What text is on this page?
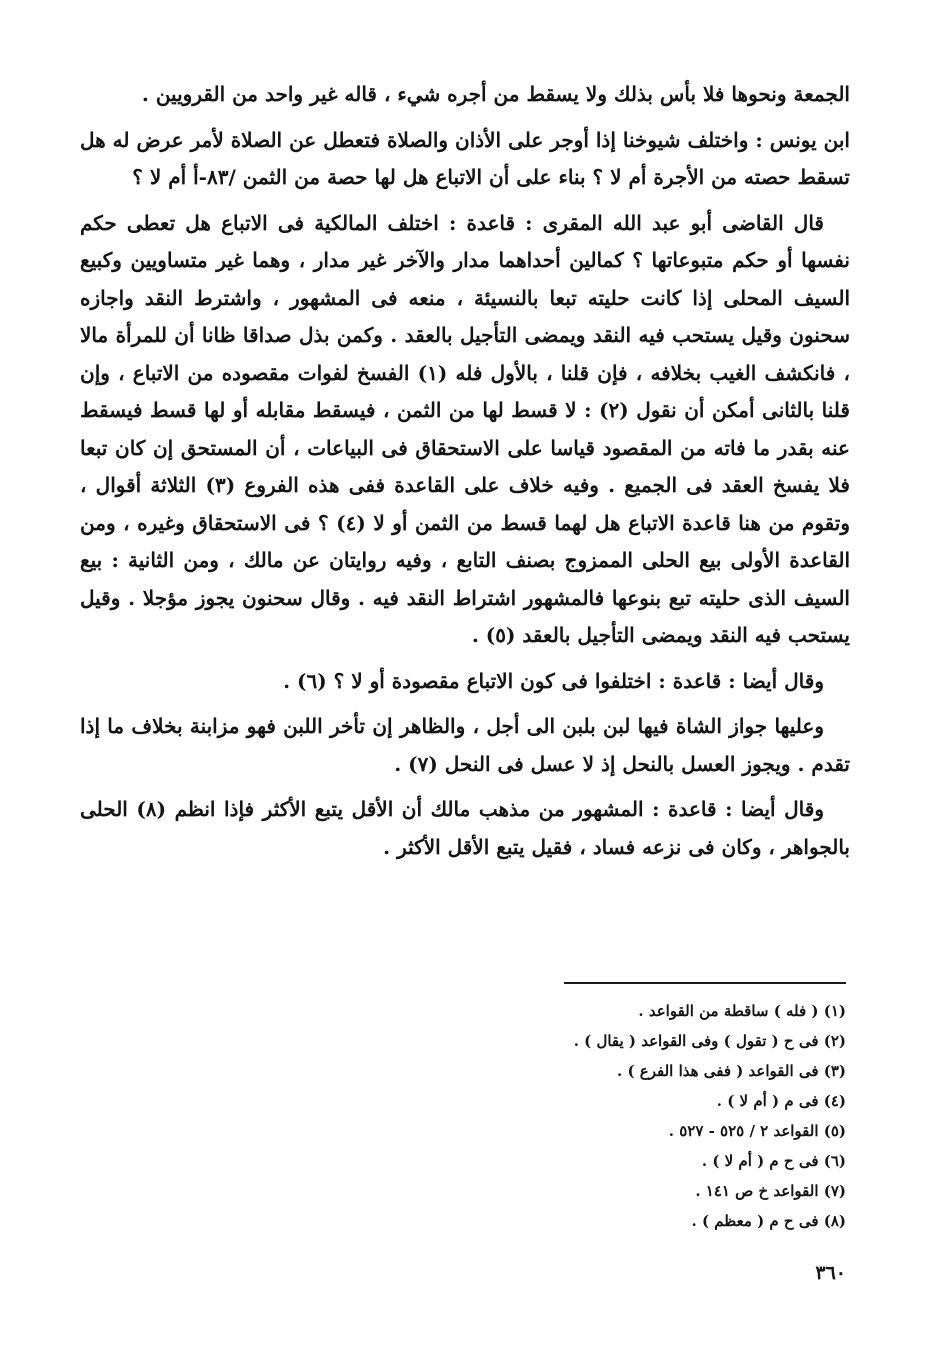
الجمعة ونحوها فلا بأس بذلك ولا يسقط من أجره شيء ، قاله غير واحد من القرويين .

ابن يونس : واختلف شيوخنا إذا أوجر على الأذان والصلاة فتعطل عن الصلاة لأمر عرض له هل تسقط حصته من الأجرة أم لا ؟ بناء على أن الاتباع هل لها حصة من الثمن /٨٣-أ أم لا ؟

قال القاضى أبو عبد الله المقرى : قاعدة : اختلف المالكية فى الاتباع هل تعطى حكم نفسها أو حكم متبوعاتها ؟ كمالين أحداهما مدار والآخر غير مدار ، وهما غير متساويين وكبيع السيف المحلى إذا كانت حليته تبعا بالنسيئة ، منعه فى المشهور ، واشترط النقد واجازه سحنون وقيل يستحب فيه النقد ويمضى التأجيل بالعقد . وكمن بذل صداقا ظانا أن للمرأة مالا ، فانكشف الغيب بخلافه ، فإن قلنا ، بالأول فله (١) الفسخ لفوات مقصوده من الاتباع ، وإن قلنا بالثانى أمكن أن نقول (٢) : لا قسط لها من الثمن ، فيسقط مقابله أو لها قسط فيسقط عنه بقدر ما فاته من المقصود قياسا على الاستحقاق فى البياعات ، أن المستحق إن كان تبعا فلا يفسخ العقد فى الجميع . وفيه خلاف على القاعدة ففى هذه الفروع (٣) الثلاثة أقوال ، وتقوم من هنا قاعدة الاتباع هل لهما قسط من الثمن أو لا (٤) ؟ فى الاستحقاق وغيره ، ومن القاعدة الأولى بيع الحلى الممزوج بصنف التابع ، وفيه روايتان عن مالك ، ومن الثانية : بيع السيف الذى حليته تبع بنوعها فالمشهور اشتراط النقد فيه . وقال سحنون يجوز مؤجلا . وقيل يستحب فيه النقد ويمضى التأجيل بالعقد (٥) .

وقال أيضا : قاعدة : اختلفوا فى كون الاتباع مقصودة أو لا ؟ (٦) .

وعليها جواز الشاة فيها لبن بلبن الى أجل ، والظاهر إن تأخر اللبن فهو مزابنة بخلاف ما إذا تقدم . ويجوز العسل بالنحل إذ لا عسل فى النحل (٧) .

وقال أيضا : قاعدة : المشهور من مذهب مالك أن الأقل يتبع الأكثر فإذا انظم (٨) الحلى بالجواهر ، وكان فى نزعه فساد ، فقيل يتبع الأقل الأكثر .

(١) ( فله ) ساقطة من القواعد .
(٢) فى ح ( تقول ) وفى القواعد ( يقال ) .
(٣) فى القواعد ( ففى هذا الفرع ) .
(٤) فى م ( أم لا ) .
(٥) القواعد ٢ / ٥٢٥ - ٥٢٧ .
(٦) فى ح م ( أم لا ) .
(٧) القواعد خ ص ١٤١ .
(٨) فى ح م ( معظم ) .
٣٦٠
